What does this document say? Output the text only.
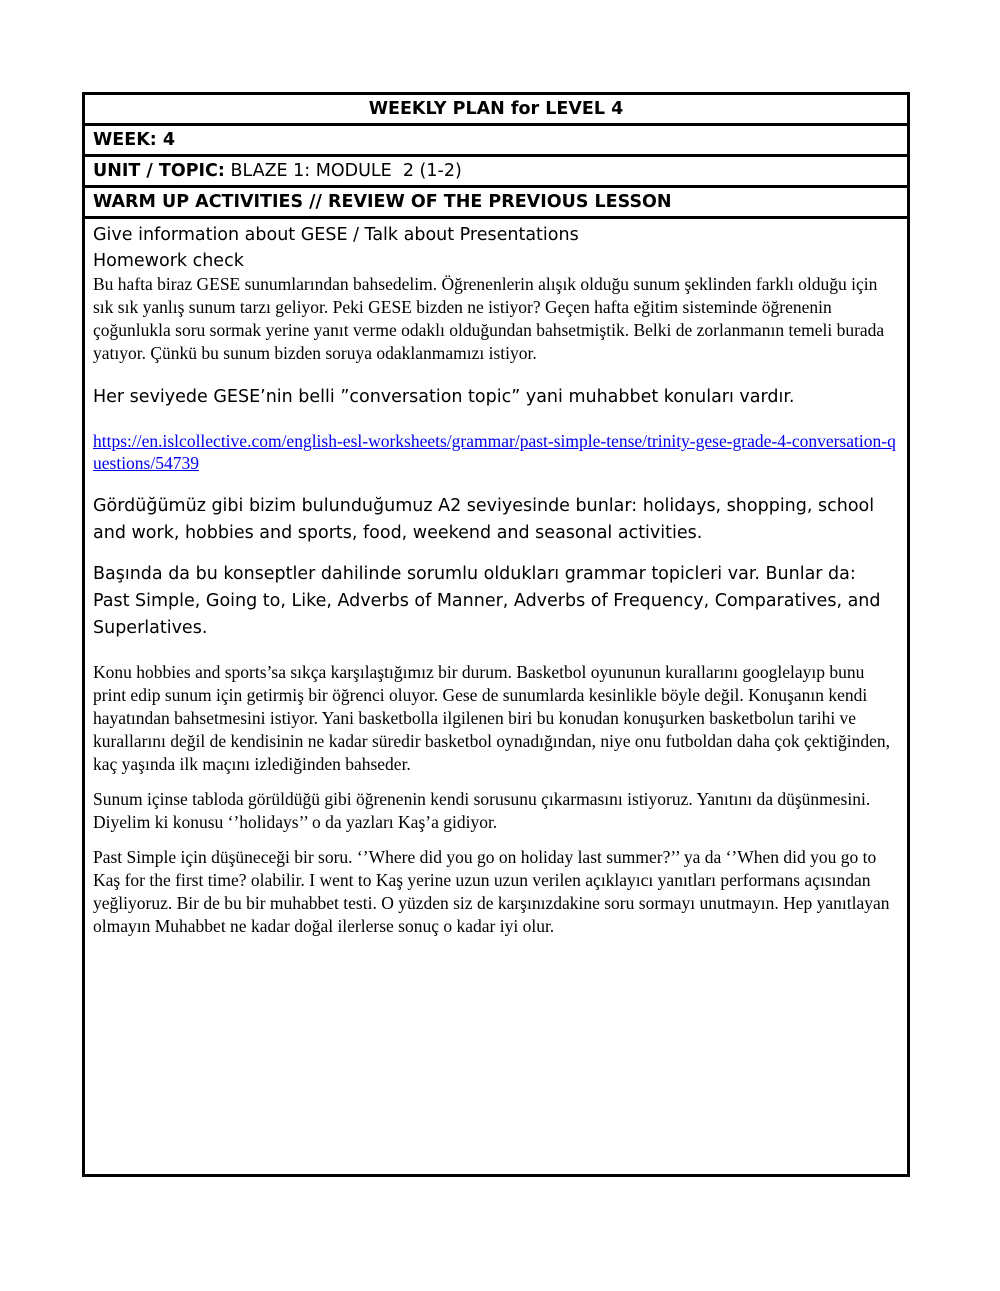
WEEKLY PLAN for LEVEL 4
WEEK: 4
UNIT / TOPIC: BLAZE 1: MODULE  2 (1-2)
WARM UP ACTIVITIES // REVIEW OF THE PREVIOUS LESSON

Give information about GESE / Talk about Presentations

Homework check

Bu hafta biraz GESE sunumlarından bahsedelim. Öğrenenlerin alışık olduğu sunum şeklinden farklı olduğu için sık sık yanlış sunum tarzı geliyor. Peki GESE bizden ne istiyor? Geçen hafta eğitim sisteminde öğrenenin çoğunlukla soru sormak yerine yanıt verme odaklı olduğundan bahsetmiştik. Belki de zorlanmanın temeli burada yatıyor. Çünkü bu sunum bizden soruya odaklanmamızı istiyor.

Her seviyede GESE’nin belli ”conversation topic” yani muhabbet konuları vardır.

https://en.islcollective.com/english-esl-worksheets/grammar/past-simple-tense/trinity-gese-grade-4-conversation-questions/54739

Gördüğümüz gibi bizim bulunduğumuz A2 seviyesinde bunlar: holidays, shopping, school and work, hobbies and sports, food, weekend and seasonal activities.

Başında da bu konseptler dahilinde sorumlu oldukları grammar topicleri var. Bunlar da: Past Simple, Going to, Like, Adverbs of Manner, Adverbs of Frequency, Comparatives, and Superlatives.

Konu hobbies and sports’sa sıkça karşılaştığımız bir durum. Basketbol oyununun kurallarını googlelayıp bunu print edip sunum için getirmiş bir öğrenci oluyor. Gese de sunumlarda kesinlikle böyle değil. Konuşanın kendi hayatından bahsetmesini istiyor. Yani basketbolla ilgilenen biri bu konudan konuşurken basketbolun tarihi ve kurallarını değil de kendisinin ne kadar süredir basketbol oynadığından, niye onu futboldan daha çok çektiğinden, kaç yaşında ilk maçını izlediğinden bahseder.

Sunum içinse tabloda görüldüğü gibi öğrenenin kendi sorusunu çıkarmasını istiyoruz. Yanıtını da düşünmesini. Diyelim ki konusu ‘’holidays’’ o da yazları Kaş’a gidiyor.

Past Simple için düşüneceği bir soru. ‘’Where did you go on holiday last summer?’’ ya da ‘’When did you go to Kaş for the first time? olabilir. I went to Kaş yerine uzun uzun verilen açıklayıcı yanıtları performans açısından yeğliyoruz. Bir de bu bir muhabbet testi. O yüzden siz de karşınızdakine soru sormayı unutmayın. Hep yanıtlayan olmayın Muhabbet ne kadar doğal ilerlerse sonuç o kadar iyi olur.
